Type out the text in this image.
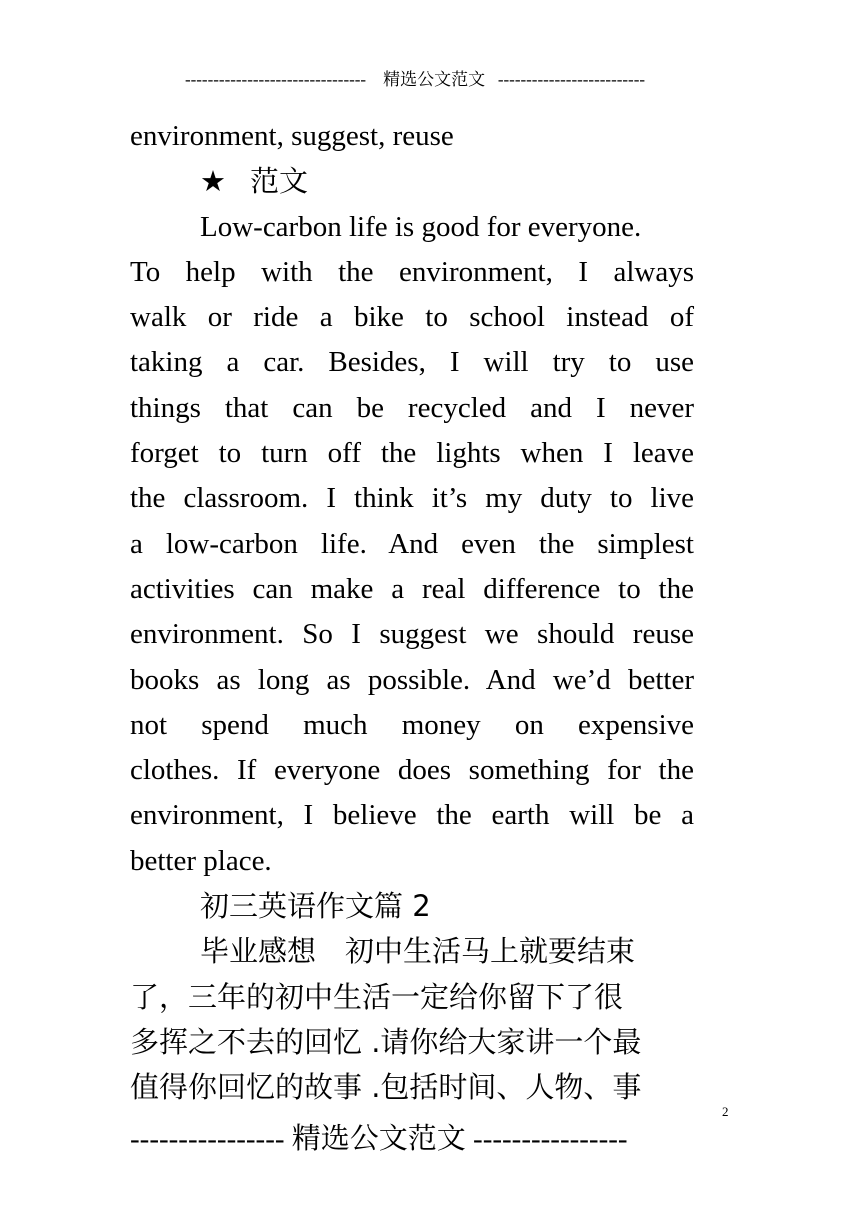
-------------------------------- 精选公文范文 --------------------------
environment, suggest, reuse
★ 范文
Low-carbon life is good for everyone.
To help with the environment, I always
walk or ride a bike to school instead of
taking a car. Besides, I will try to use
things that can be recycled and I never
forget to turn off the lights when I leave
the classroom. I think it’s my duty to live
a low-carbon life. And even the simplest
activities can make a real difference to the
environment. So I suggest we should reuse
books as long as possible. And we’d better
not spend much money on expensive
clothes. If everyone does something for the
environment, I believe the earth will be a
better place.
初三英语作文篇 2
毕业感想　初中生活马上就要结束
了，三年的初中生活一定给你留下了很
多挥之不去的回忆 .请你给大家讲一个最
值得你回忆的故事 .包括时间、人物、事
2
---------------- 精选公文范文 ----------------
